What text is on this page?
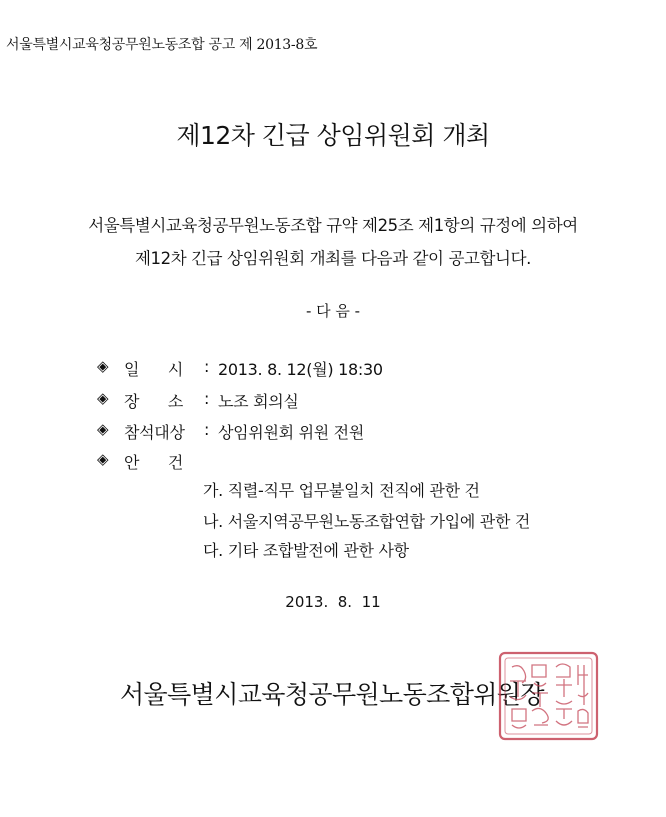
서울특별시교육청공무원노동조합 공고 제 2013-8호
제12차 긴급 상임위원회 개최
서울특별시교육청공무원노동조합 규약 제25조 제1항의 규정에 의하여
제12차 긴급 상임위원회 개최를 다음과 같이 공고합니다.
- 다 음 -
◈ 일      시	: 2013. 8. 12(월) 18:30
◈ 장      소	: 노조 회의실
◈ 참석대상	: 상임위원회 위원 전원
◈ 안      건
가. 직렬-직무 업무불일치 전직에 관한 건
나. 서울지역공무원노동조합연합 가입에 관한 건
다. 기타 조합발전에 관한 사항
2013.  8.  11
서울특별시교육청공무원노동조합위원장
